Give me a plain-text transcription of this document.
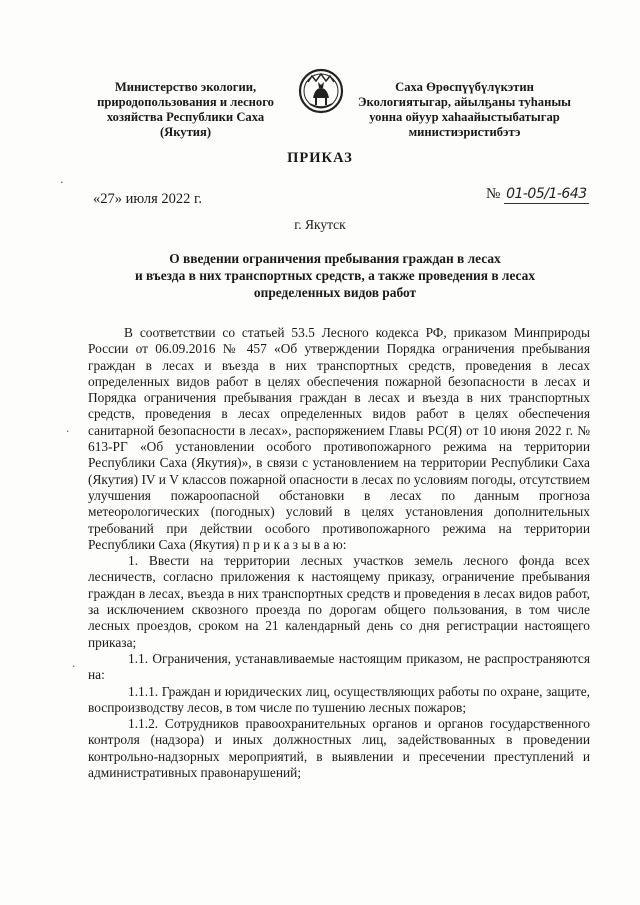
Министерство экологии,
природопользования и лесного
хозяйства Республики Саха
(Якутия)
Саха Өрөспүүбүлүкэтин
Экологиятыгар, айылҕаны туһаныы
уонна ойуур хаһаайыстыбатыгар
министиэристибэтэ
ПРИКАЗ
«27» июля 2022 г.	№ 01-05/1-643
г. Якутск
О введении ограничения пребывания граждан в лесах
и въезда в них транспортных средств, а также проведения в лесах
определенных видов работ

В соответствии со статьей 53.5 Лесного кодекса РФ, приказом Минприроды России от 06.09.2016 № 457 «Об утверждении Порядка ограничения пребывания граждан в лесах и въезда в них транспортных средств, проведения в лесах определенных видов работ в целях обеспечения пожарной безопасности в лесах и Порядка ограничения пребывания граждан в лесах и въезда в них транспортных средств, проведения в лесах определенных видов работ в целях обеспечения санитарной безопасности в лесах», распоряжением Главы РС(Я) от 10 июня 2022 г. № 613-РГ «Об установлении особого противопожарного режима на территории Республики Саха (Якутия)», в связи с установлением на территории Республики Саха (Якутия) IV и V классов пожарной опасности в лесах по условиям погоды, отсутствием улучшения пожароопасной обстановки в лесах по данным прогноза метеорологических (погодных) условий в целях установления дополнительных требований при действии особого противопожарного режима на территории Республики Саха (Якутия) п р и к а з ы в а ю:

1. Ввести на территории лесных участков земель лесного фонда всех лесничеств, согласно приложения к настоящему приказу, ограничение пребывания граждан в лесах, въезда в них транспортных средств и проведения в лесах видов работ, за исключением сквозного проезда по дорогам общего пользования, в том числе лесных проездов, сроком на 21 календарный день со дня регистрации настоящего приказа;

1.1. Ограничения, устанавливаемые настоящим приказом, не распространяются на:

1.1.1. Граждан и юридических лиц, осуществляющих работы по охране, защите, воспроизводству лесов, в том числе по тушению лесных пожаров;

1.1.2. Сотрудников правоохранительных органов и органов государственного контроля (надзора) и иных должностных лиц, задействованных в проведении контрольно-надзорных мероприятий, в выявлении и пресечении преступлений и административных правонарушений;

·
·
·
